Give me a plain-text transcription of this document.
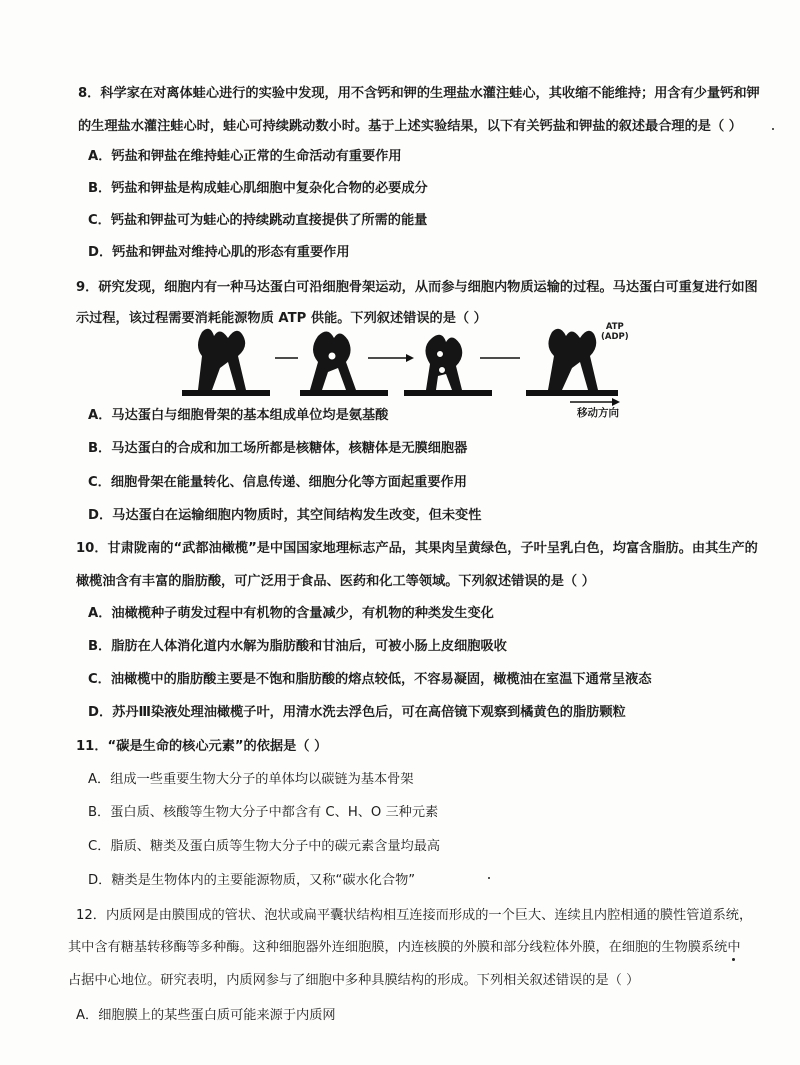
8．科学家在对离体蛙心进行的实验中发现，用不含钙和钾的生理盐水灌注蛙心，其收缩不能维持；用含有少量钙和钾
的生理盐水灌注蛙心时，蛙心可持续跳动数小时。基于上述实验结果，以下有关钙盐和钾盐的叙述最合理的是（ ）
A．钙盐和钾盐在维持蛙心正常的生命活动有重要作用
B．钙盐和钾盐是构成蛙心肌细胞中复杂化合物的必要成分
C．钙盐和钾盐可为蛙心的持续跳动直接提供了所需的能量
D．钙盐和钾盐对维持心肌的形态有重要作用
9．研究发现，细胞内有一种马达蛋白可沿细胞骨架运动，从而参与细胞内物质运输的过程。马达蛋白可重复进行如图
示过程，该过程需要消耗能源物质 ATP 供能。下列叙述错误的是（ ）
ATP
(ADP)
移动方向
A．马达蛋白与细胞骨架的基本组成单位均是氨基酸
B．马达蛋白的合成和加工场所都是核糖体，核糖体是无膜细胞器
C．细胞骨架在能量转化、信息传递、细胞分化等方面起重要作用
D．马达蛋白在运输细胞内物质时，其空间结构发生改变，但未变性
10．甘肃陇南的“武都油橄榄”是中国国家地理标志产品，其果肉呈黄绿色，子叶呈乳白色，均富含脂肪。由其生产的
橄榄油含有丰富的脂肪酸，可广泛用于食品、医药和化工等领域。下列叙述错误的是（ ）
A．油橄榄种子萌发过程中有机物的含量减少，有机物的种类发生变化
B．脂肪在人体消化道内水解为脂肪酸和甘油后，可被小肠上皮细胞吸收
C．油橄榄中的脂肪酸主要是不饱和脂肪酸的熔点较低，不容易凝固，橄榄油在室温下通常呈液态
D．苏丹Ⅲ染液处理油橄榄子叶，用清水洗去浮色后，可在高倍镜下观察到橘黄色的脂肪颗粒
11．“碳是生命的核心元素”的依据是（ ）
A．组成一些重要生物大分子的单体均以碳链为基本骨架
B．蛋白质、核酸等生物大分子中都含有 C、H、O 三种元素
C．脂质、糖类及蛋白质等生物大分子中的碳元素含量均最高
D．糖类是生物体内的主要能源物质，又称“碳水化合物”
12．内质网是由膜围成的管状、泡状或扁平囊状结构相互连接而形成的一个巨大、连续且内腔相通的膜性管道系统，
其中含有糖基转移酶等多种酶。这种细胞器外连细胞膜，内连核膜的外膜和部分线粒体外膜，在细胞的生物膜系统中
占据中心地位。研究表明，内质网参与了细胞中多种具膜结构的形成。下列相关叙述错误的是（ ）
A．细胞膜上的某些蛋白质可能来源于内质网
